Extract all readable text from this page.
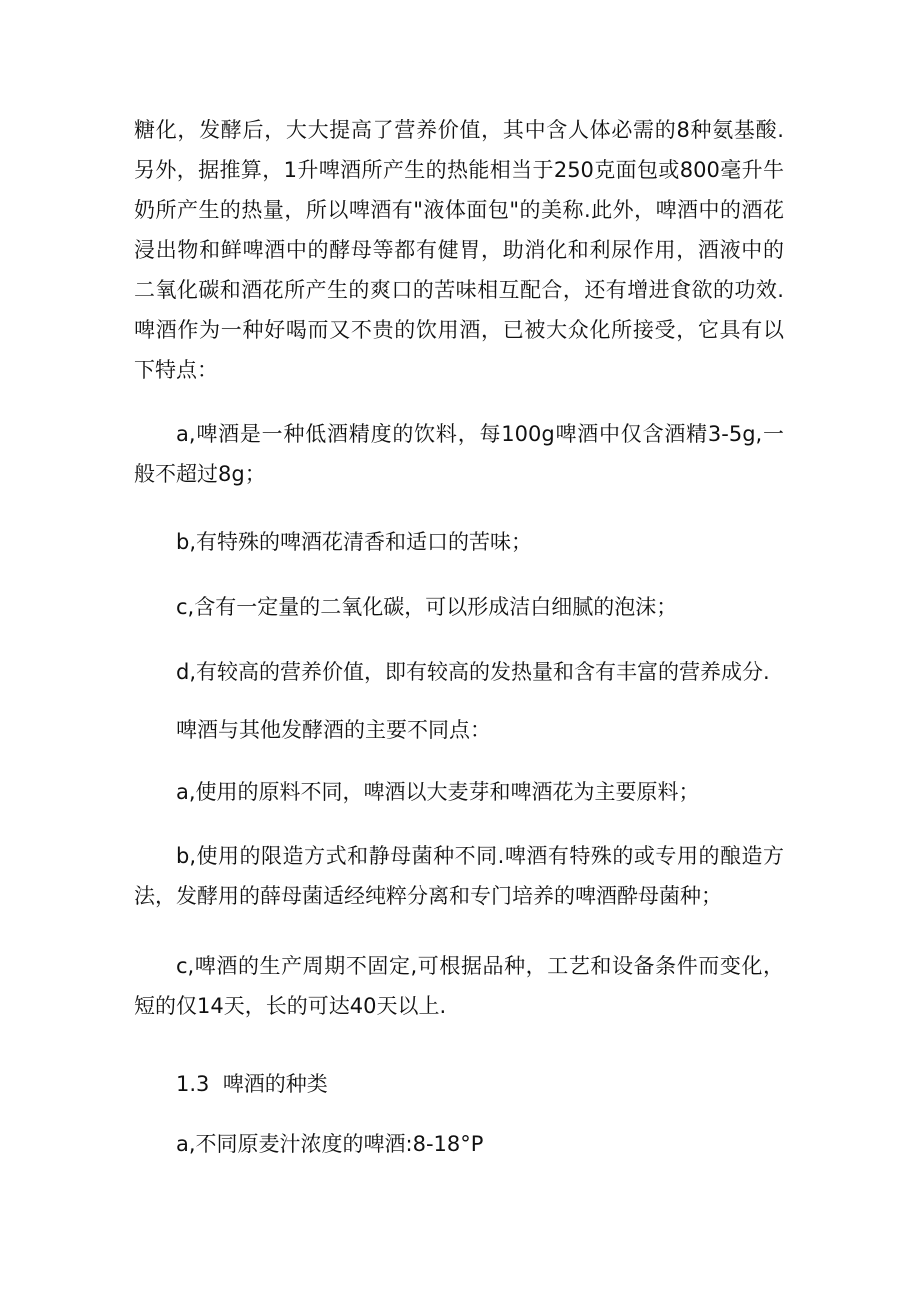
糖化，发酵后，大大提高了营养价值，其中含人体必需的8种氨基酸.另外，据推算，1升啤酒所产生的热能相当于250克面包或800毫升牛奶所产生的热量，所以啤酒有"液体面包"的美称.此外，啤酒中的酒花浸出物和鲜啤酒中的酵母等都有健胃，助消化和利尿作用，酒液中的二氧化碳和酒花所产生的爽口的苦味相互配合，还有增进食欲的功效.啤酒作为一种好喝而又不贵的饮用酒，已被大众化所接受，它具有以下特点：

a,啤酒是一种低酒精度的饮料，每100g啤酒中仅含酒精3-5g,一般不超过8g；

b,有特殊的啤酒花清香和适口的苦味；

c,含有一定量的二氧化碳，可以形成洁白细腻的泡沫；

d,有较高的营养价值，即有较高的发热量和含有丰富的营养成分.

啤酒与其他发酵酒的主要不同点：

a,使用的原料不同，啤酒以大麦芽和啤酒花为主要原料；

b,使用的限造方式和静母菌种不同.啤酒有特殊的或专用的酿造方法，发酵用的薛母菌适经纯粹分离和专门培养的啤酒酔母菌种；

c,啤酒的生产周期不固定,可根据品种，工艺和设备条件而变化，短的仅14天，长的可达40天以上.

1.3  啤酒的种类

a,不同原麦汁浓度的啤酒:8-18°P
